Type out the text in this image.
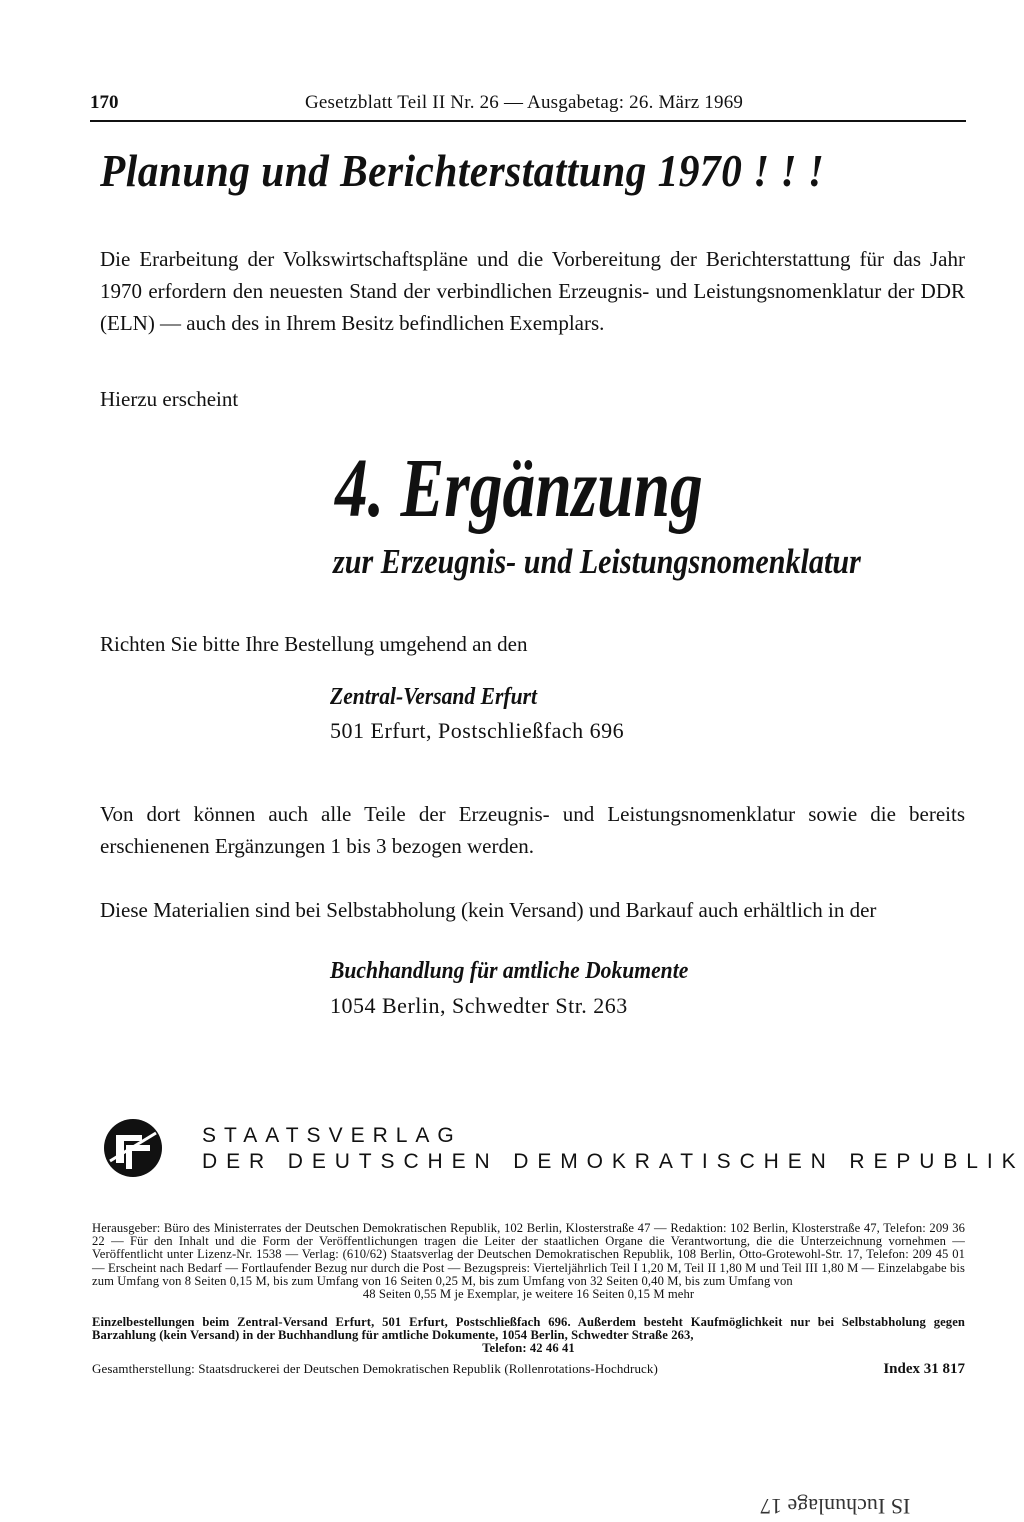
170	Gesetzblatt Teil II Nr. 26 — Ausgabetag: 26. März 1969
Planung und Berichterstattung 1970 ! ! !
Die Erarbeitung der Volkswirtschaftspläne und die Vorbereitung der Berichterstattung für das Jahr 1970 erfordern den neuesten Stand der verbindlichen Erzeugnis- und Leistungsnomenklatur der DDR (ELN) — auch des in Ihrem Besitz befindlichen Exemplars.
Hierzu erscheint
4. Ergänzung
zur Erzeugnis- und Leistungsnomenklatur
Richten Sie bitte Ihre Bestellung umgehend an den
Zentral-Versand Erfurt
501 Erfurt, Postschließfach 696
Von dort können auch alle Teile der Erzeugnis- und Leistungsnomenklatur sowie die bereits erschienenen Ergänzungen 1 bis 3 bezogen werden.
Diese Materialien sind bei Selbstabholung (kein Versand) und Barkauf auch erhältlich in der
Buchhandlung für amtliche Dokumente
1054 Berlin, Schwedter Str. 263
STAATSVERLAG
DER DEUTSCHEN DEMOKRATISCHEN REPUBLIK
Herausgeber: Büro des Ministerrates der Deutschen Demokratischen Republik, 102 Berlin, Klosterstraße 47 — Redaktion: 102 Berlin, Klosterstraße 47, Telefon: 209 36 22 — Für den Inhalt und die Form der Veröffentlichungen tragen die Leiter der staatlichen Organe die Verantwortung, die die Unterzeichnung vornehmen — Veröffentlicht unter Lizenz-Nr. 1538 — Verlag: (610/62) Staatsverlag der Deutschen Demokratischen Republik, 108 Berlin, Otto-Grotewohl-Str. 17, Telefon: 209 45 01 — Erscheint nach Bedarf — Fortlaufender Bezug nur durch die Post — Bezugspreis: Vierteljährlich Teil I 1,20 M, Teil II 1,80 M und Teil III 1,80 M — Einzelabgabe bis zum Umfang von 8 Seiten 0,15 M, bis zum Umfang von 16 Seiten 0,25 M, bis zum Umfang von 32 Seiten 0,40 M, bis zum Umfang von
48 Seiten 0,55 M je Exemplar, je weitere 16 Seiten 0,15 M mehr
Einzelbestellungen beim Zentral-Versand Erfurt, 501 Erfurt, Postschließfach 696. Außerdem besteht Kaufmöglichkeit nur bei Selbstabholung gegen Barzahlung (kein Versand) in der Buchhandlung für amtliche Dokumente, 1054 Berlin, Schwedter Straße 263,
Telefon: 42 46 41
Gesamtherstellung: Staatsdruckerei der Deutschen Demokratischen Republik (Rollenrotations-Hochdruck)	Index 31 817
IS Iuchunlage 17
